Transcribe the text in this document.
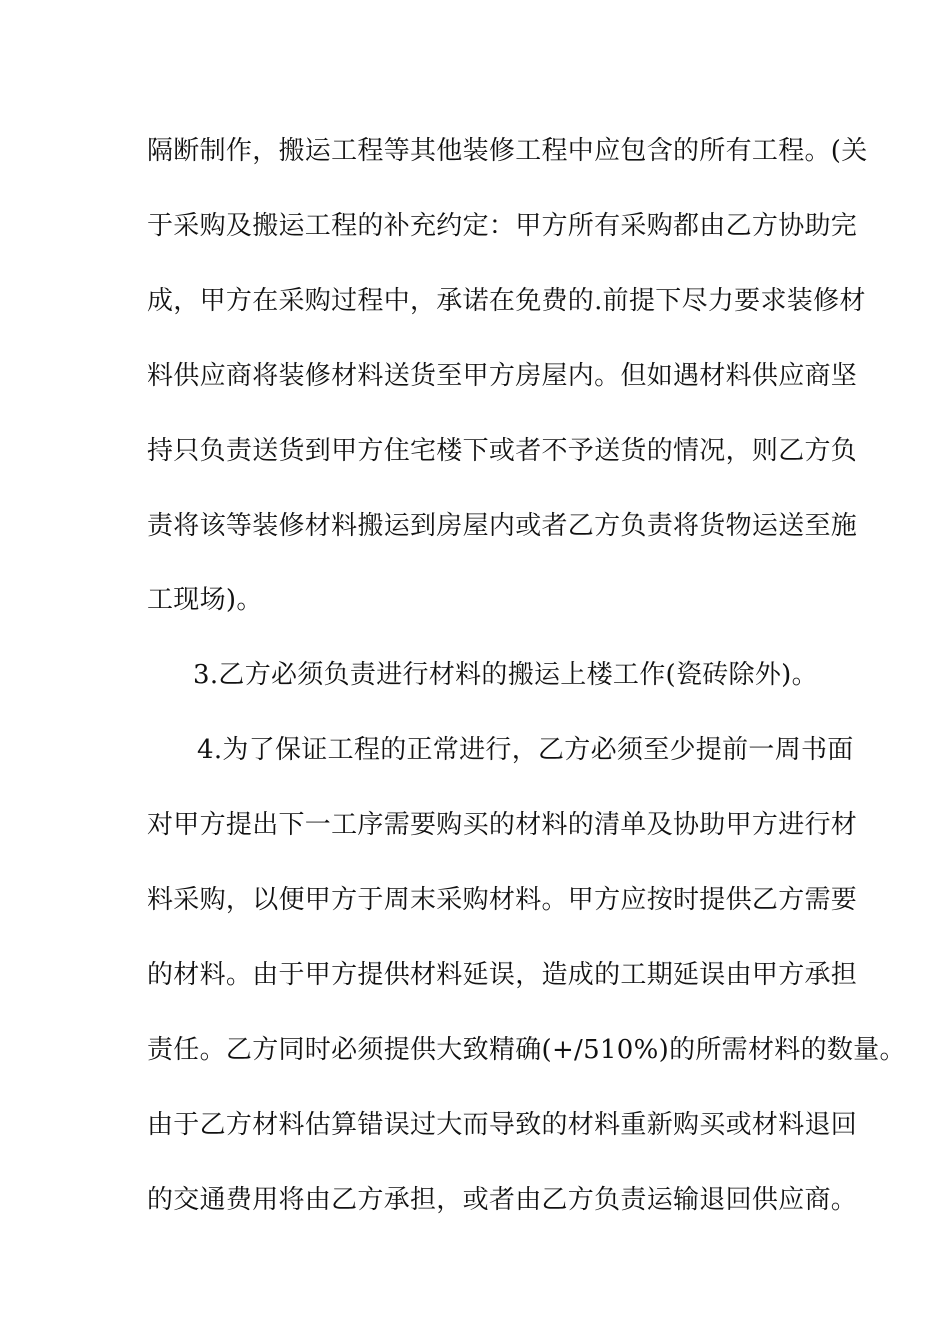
隔断制作，搬运工程等其他装修工程中应包含的所有工程。(关
于采购及搬运工程的补充约定：甲方所有采购都由乙方协助完
成，甲方在采购过程中，承诺在免费的.前提下尽力要求装修材
料供应商将装修材料送货至甲方房屋内。但如遇材料供应商坚
持只负责送货到甲方住宅楼下或者不予送货的情况，则乙方负
责将该等装修材料搬运到房屋内或者乙方负责将货物运送至施
工现场)。
3.乙方必须负责进行材料的搬运上楼工作(瓷砖除外)。
4.为了保证工程的正常进行，乙方必须至少提前一周书面
对甲方提出下一工序需要购买的材料的清单及协助甲方进行材
料采购，以便甲方于周末采购材料。甲方应按时提供乙方需要
的材料。由于甲方提供材料延误，造成的工期延误由甲方承担
责任。乙方同时必须提供大致精确(+/510%)的所需材料的数量。
由于乙方材料估算错误过大而导致的材料重新购买或材料退回
的交通费用将由乙方承担，或者由乙方负责运输退回供应商。
